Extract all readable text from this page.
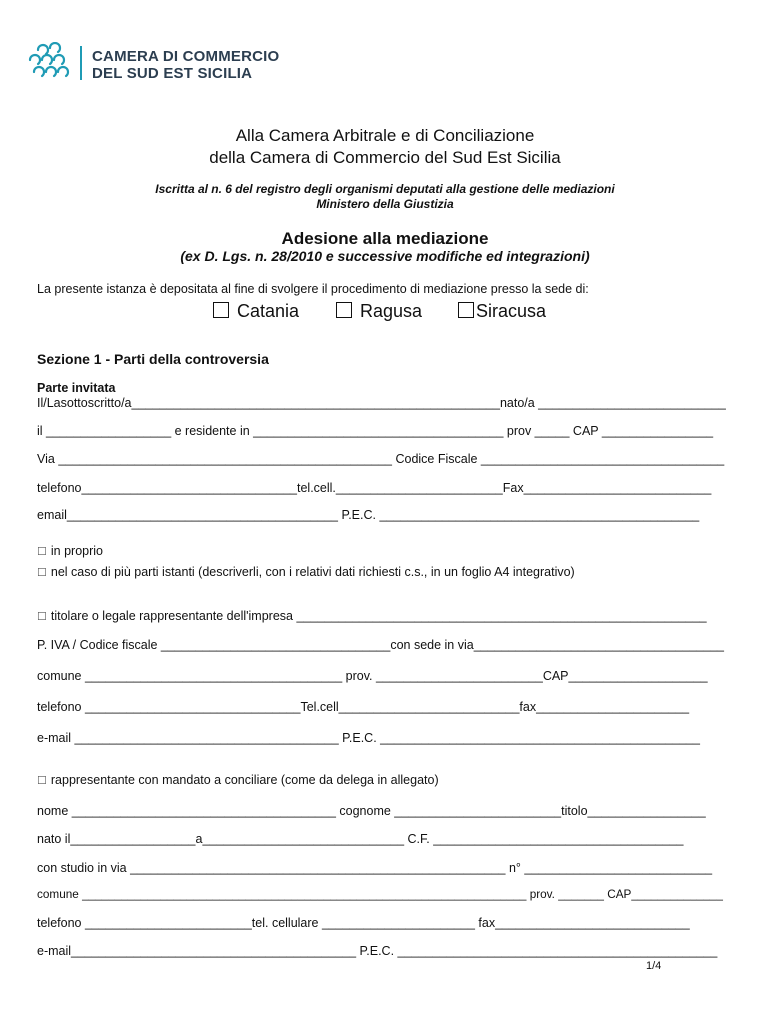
CAMERA DI COMMERCIO
DEL SUD EST SICILIA
Alla Camera Arbitrale e di Conciliazione
della Camera di Commercio del Sud Est Sicilia
Iscritta al n. 6 del registro degli organismi deputati alla gestione delle mediazioni
Ministero della Giustizia
Adesione alla mediazione
(ex D. Lgs. n. 28/2010 e successive modifiche ed integrazioni)
La presente istanza è depositata al fine di svolgere il procedimento di mediazione presso la sede di:
Catania	Ragusa	Siracusa
Sezione 1 - Parti della controversia
Parte invitata
Il/Lasottoscritto/a_____________________________________________________nato/a ___________________________
il __________________ e residente in ____________________________________ prov _____ CAP ________________
Via ________________________________________________ Codice Fiscale ___________________________________
telefono_______________________________tel.cell.________________________Fax___________________________
email_______________________________________ P.E.C. ______________________________________________
☐ in proprio
☐ nel caso di più parti istanti (descriverli, con i relativi dati richiesti c.s., in un foglio A4 integrativo)
☐ titolare o legale rappresentante dell'impresa ___________________________________________________________
P. IVA / Codice fiscale _________________________________con sede in via____________________________________
comune _____________________________________ prov. ________________________CAP____________________
telefono _______________________________Tel.cell__________________________fax______________________
e-mail ______________________________________ P.E.C. ______________________________________________
☐ rappresentante con mandato a conciliare (come da delega in allegato)
nome ______________________________________ cognome ________________________titolo_________________
nato il__________________a_____________________________ C.F. ____________________________________
con studio in via ______________________________________________________ n° ___________________________
comune ____________________________________________________________________ prov. _______ CAP______________
telefono ________________________tel. cellulare ______________________ fax____________________________
e-mail_________________________________________ P.E.C. ______________________________________________
1/4
